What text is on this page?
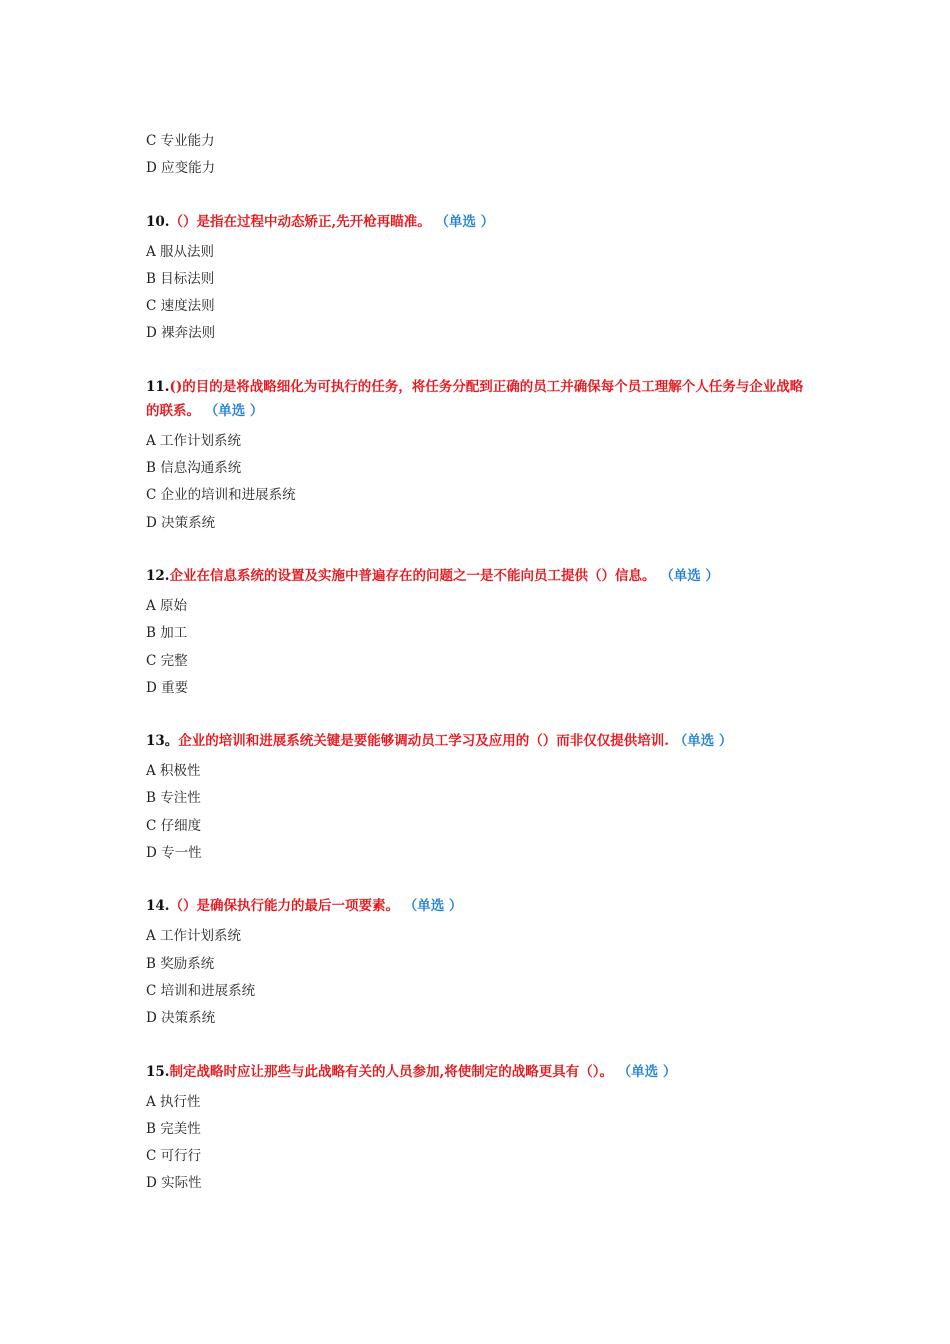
C 专业能力
D 应变能力
10.（）是指在过程中动态矫正,先开枪再瞄准。 （单选 ）
A 服从法则
B 目标法则
C 速度法则
D 裸奔法则
11.()的目的是将战略细化为可执行的任务，将任务分配到正确的员工并确保每个员工理解个人任务与企业战略的联系。 （单选 ）
A 工作计划系统
B 信息沟通系统
C 企业的培训和进展系统
D 决策系统
12.企业在信息系统的设置及实施中普遍存在的问题之一是不能向员工提供（）信息。 （单选 ）
A 原始
B 加工
C 完整
D 重要
13。企业的培训和进展系统关键是要能够调动员工学习及应用的（）而非仅仅提供培训. （单选 ）
A 积极性
B 专注性
C 仔细度
D 专一性
14.（）是确保执行能力的最后一项要素。 （单选 ）
A 工作计划系统
B 奖励系统
C 培训和进展系统
D 决策系统
15.制定战略时应让那些与此战略有关的人员参加,将使制定的战略更具有（）。 （单选 ）
A 执行性
B 完美性
C 可行行
D 实际性
